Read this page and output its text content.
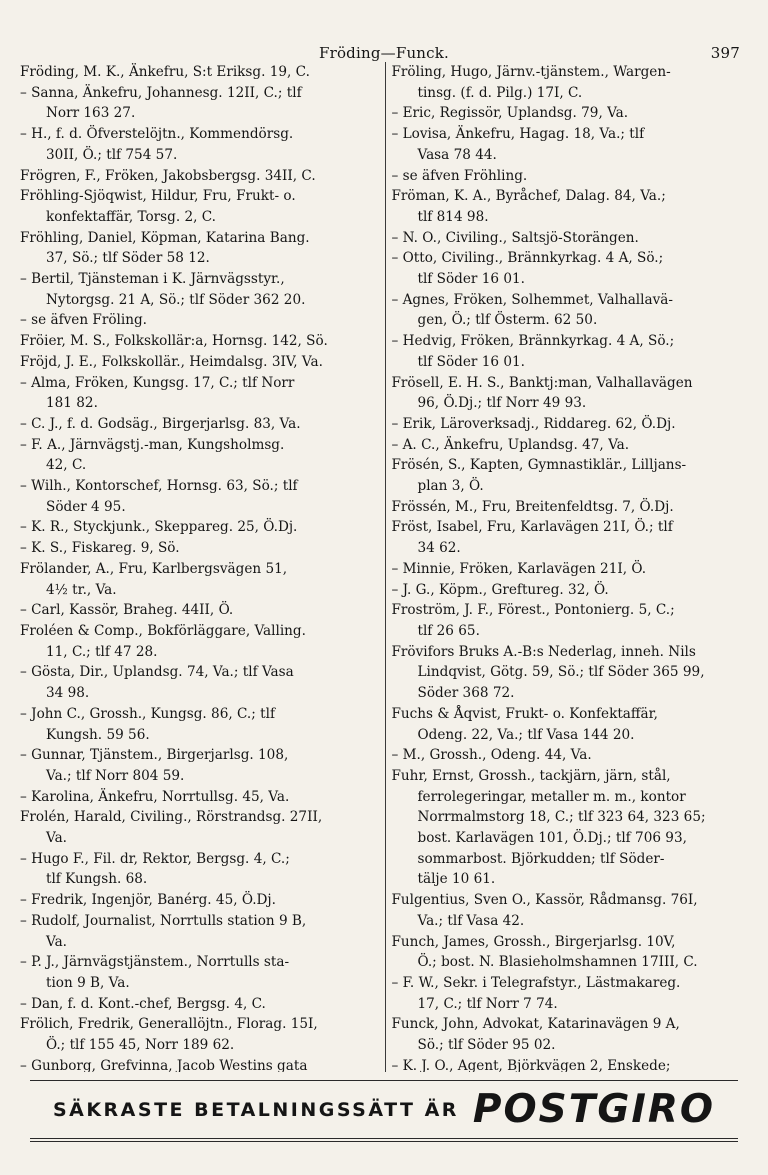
Fröding—Funck.	397
Fröding, M. K., Änkefru, S:t Eriksg. 19, C.
– Sanna, Änkefru, Johannesg. 12II, C.; tlf
Norr 163 27.
– H., f. d. Öfverstelöjtn., Kommendörsg.
30II, Ö.; tlf 754 57.
Frögren, F., Fröken, Jakobsbergsg. 34II, C.
Fröhling-Sjöqwist, Hildur, Fru, Frukt- o.
konfektaffär, Torsg. 2, C.
Fröhling, Daniel, Köpman, Katarina Bang.
37, Sö.; tlf Söder 58 12.
– Bertil, Tjänsteman i K. Järnvägsstyr.,
Nytorgsg. 21 A, Sö.; tlf Söder 362 20.
– se äfven Fröling.
Fröier, M. S., Folkskollär:a, Hornsg. 142, Sö.
Fröjd, J. E., Folkskollär., Heimdalsg. 3IV, Va.
– Alma, Fröken, Kungsg. 17, C.; tlf Norr
181 82.
– C. J., f. d. Godsäg., Birgerjarlsg. 83, Va.
– F. A., Järnvägstj.-man, Kungsholmsg.
42, C.
– Wilh., Kontorschef, Hornsg. 63, Sö.; tlf
Söder 4 95.
– K. R., Styckjunk., Skeppareg. 25, Ö.Dj.
– K. S., Fiskareg. 9, Sö.
Frölander, A., Fru, Karlbergsvägen 51,
4½ tr., Va.
– Carl, Kassör, Braheg. 44II, Ö.
Froléen & Comp., Bokförläggare, Valling.
11, C.; tlf 47 28.
– Gösta, Dir., Uplandsg. 74, Va.; tlf Vasa
34 98.
– John C., Grossh., Kungsg. 86, C.; tlf
Kungsh. 59 56.
– Gunnar, Tjänstem., Birgerjarlsg. 108,
Va.; tlf Norr 804 59.
– Karolina, Änkefru, Norrtullsg. 45, Va.
Frolén, Harald, Civiling., Rörstrandsg. 27II,
Va.
– Hugo F., Fil. dr, Rektor, Bergsg. 4, C.;
tlf Kungsh. 68.
– Fredrik, Ingenjör, Banérg. 45, Ö.Dj.
– Rudolf, Journalist, Norrtulls station 9 B,
Va.
– P. J., Järnvägstjänstem., Norrtulls sta-
tion 9 B, Va.
– Dan, f. d. Kont.-chef, Bergsg. 4, C.
Frölich, Fredrik, Generallöjtn., Florag. 15I,
Ö.; tlf 155 45, Norr 189 62.
– Gunborg, Grefvinna, Jacob Westins gata
Fröling, Hugo, Järnv.-tjänstem., Wargen-
tinsg. (f. d. Pilg.) 17I, C.
– Eric, Regissör, Uplandsg. 79, Va.
– Lovisa, Änkefru, Hagag. 18, Va.; tlf
Vasa 78 44.
– se äfven Fröhling.
Fröman, K. A., Byråchef, Dalag. 84, Va.;
tlf 814 98.
– N. O., Civiling., Saltsjö-Storängen.
– Otto, Civiling., Brännkyrkag. 4 A, Sö.;
tlf Söder 16 01.
– Agnes, Fröken, Solhemmet, Valhallavä-
gen, Ö.; tlf Österm. 62 50.
– Hedvig, Fröken, Brännkyrkag. 4 A, Sö.;
tlf Söder 16 01.
Frösell, E. H. S., Banktj:man, Valhallavägen
96, Ö.Dj.; tlf Norr 49 93.
– Erik, Läroverksadj., Riddareg. 62, Ö.Dj.
– A. C., Änkefru, Uplandsg. 47, Va.
Frösén, S., Kapten, Gymnastiklär., Lilljans-
plan 3, Ö.
Frössén, M., Fru, Breitenfeldtsg. 7, Ö.Dj.
Fröst, Isabel, Fru, Karlavägen 21I, Ö.; tlf
34 62.
– Minnie, Fröken, Karlavägen 21I, Ö.
– J. G., Köpm., Greftureg. 32, Ö.
Froström, J. F., Förest., Pontonierg. 5, C.;
tlf 26 65.
Frövifors Bruks A.-B:s Nederlag, inneh. Nils
Lindqvist, Götg. 59, Sö.; tlf Söder 365 99,
Söder 368 72.
Fuchs & Åqvist, Frukt- o. Konfektaffär,
Odeng. 22, Va.; tlf Vasa 144 20.
– M., Grossh., Odeng. 44, Va.
Fuhr, Ernst, Grossh., tackjärn, järn, stål,
ferrolegeringar, metaller m. m., kontor
Norrmalmstorg 18, C.; tlf 323 64, 323 65;
bost. Karlavägen 101, Ö.Dj.; tlf 706 93,
sommarbost. Björkudden; tlf Söder-
tälje 10 61.
Fulgentius, Sven O., Kassör, Rådmansg. 76I,
Va.; tlf Vasa 42.
Funch, James, Grossh., Birgerjarlsg. 10V,
Ö.; bost. N. Blasieholmshamnen 17III, C.
– F. W., Sekr. i Telegrafstyr., Lästmakareg.
17, C.; tlf Norr 7 74.
Funck, John, Advokat, Katarinavägen 9 A,
Sö.; tlf Söder 95 02.
– K. J. O., Agent, Björkvägen 2, Enskede;
SÄKRASTE BETALNINGSSÄTT ÄR POSTGIRO
